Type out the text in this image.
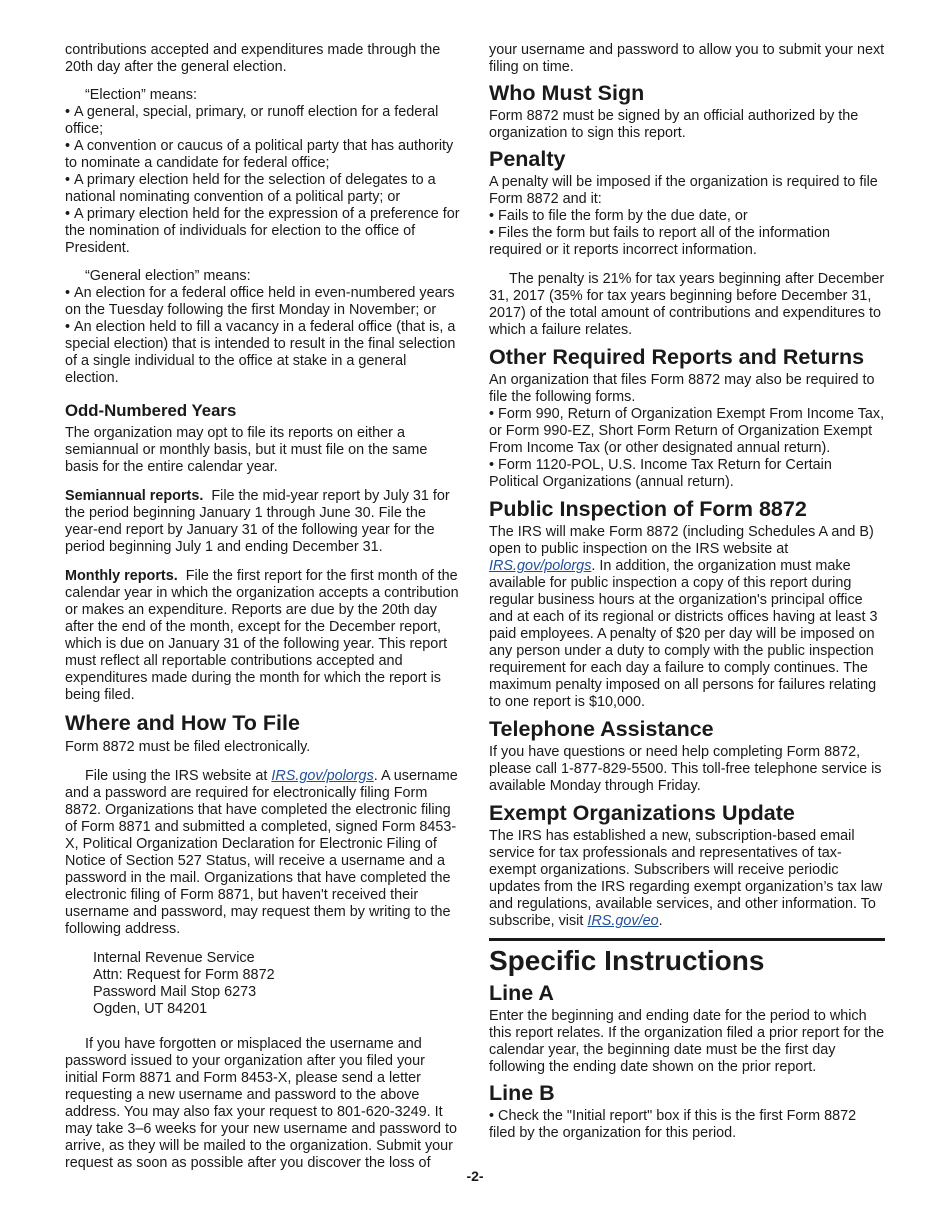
contributions accepted and expenditures made through the 20th day after the general election.

“Election” means:

• A general, special, primary, or runoff election for a federal office;

• A convention or caucus of a political party that has authority to nominate a candidate for federal office;

• A primary election held for the selection of delegates to a national nominating convention of a political party; or

• A primary election held for the expression of a preference for the nomination of individuals for election to the office of President.

“General election” means:

• An election for a federal office held in even-numbered years on the Tuesday following the first Monday in November; or

• An election held to fill a vacancy in a federal office (that is, a special election) that is intended to result in the final selection of a single individual to the office at stake in a general election.

Odd-Numbered Years

The organization may opt to file its reports on either a semiannual or monthly basis, but it must file on the same basis for the entire calendar year.

Semiannual reports. File the mid-year report by July 31 for the period beginning January 1 through June 30. File the year-end report by January 31 of the following year for the period beginning July 1 and ending December 31.

Monthly reports. File the first report for the first month of the calendar year in which the organization accepts a contribution or makes an expenditure. Reports are due by the 20th day after the end of the month, except for the December report, which is due on January 31 of the following year. This report must reflect all reportable contributions accepted and expenditures made during the month for which the report is being filed.

Where and How To File

Form 8872 must be filed electronically.

File using the IRS website at IRS.gov/polorgs. A username and a password are required for electronically filing Form 8872. Organizations that have completed the electronic filing of Form 8871 and submitted a completed, signed Form 8453-X, Political Organization Declaration for Electronic Filing of Notice of Section 527 Status, will receive a username and a password in the mail. Organizations that have completed the electronic filing of Form 8871, but haven't received their username and password, may request them by writing to the following address.

Internal Revenue Service

Attn: Request for Form 8872

Password Mail Stop 6273

Ogden, UT 84201

If you have forgotten or misplaced the username and password issued to your organization after you filed your initial Form 8871 and Form 8453-X, please send a letter requesting a new username and password to the above address. You may also fax your request to 801-620-3249. It may take 3–6 weeks for your new username and password to arrive, as they will be mailed to the organization. Submit your request as soon as possible after you discover the loss of

your username and password to allow you to submit your next filing on time.

Who Must Sign

Form 8872 must be signed by an official authorized by the organization to sign this report.

Penalty

A penalty will be imposed if the organization is required to file Form 8872 and it:

• Fails to file the form by the due date, or

• Files the form but fails to report all of the information required or it reports incorrect information.

The penalty is 21% for tax years beginning after December 31, 2017 (35% for tax years beginning before December 31, 2017) of the total amount of contributions and expenditures to which a failure relates.

Other Required Reports and Returns

An organization that files Form 8872 may also be required to file the following forms.

• Form 990, Return of Organization Exempt From Income Tax, or Form 990-EZ, Short Form Return of Organization Exempt From Income Tax (or other designated annual return).

• Form 1120-POL, U.S. Income Tax Return for Certain Political Organizations (annual return).

Public Inspection of Form 8872

The IRS will make Form 8872 (including Schedules A and B) open to public inspection on the IRS website at IRS.gov/polorgs. In addition, the organization must make available for public inspection a copy of this report during regular business hours at the organization's principal office and at each of its regional or districts offices having at least 3 paid employees. A penalty of $20 per day will be imposed on any person under a duty to comply with the public inspection requirement for each day a failure to comply continues. The maximum penalty imposed on all persons for failures relating to one report is $10,000.

Telephone Assistance

If you have questions or need help completing Form 8872, please call 1-877-829-5500. This toll-free telephone service is available Monday through Friday.

Exempt Organizations Update

The IRS has established a new, subscription-based email service for tax professionals and representatives of tax-exempt organizations. Subscribers will receive periodic updates from the IRS regarding exempt organization’s tax law and regulations, available services, and other information. To subscribe, visit IRS.gov/eo.

Specific Instructions
Line A

Enter the beginning and ending date for the period to which this report relates. If the organization filed a prior report for the calendar year, the beginning date must be the first day following the ending date shown on the prior report.

Line B

• Check the "Initial report" box if this is the first Form 8872 filed by the organization for this period.

-2-
